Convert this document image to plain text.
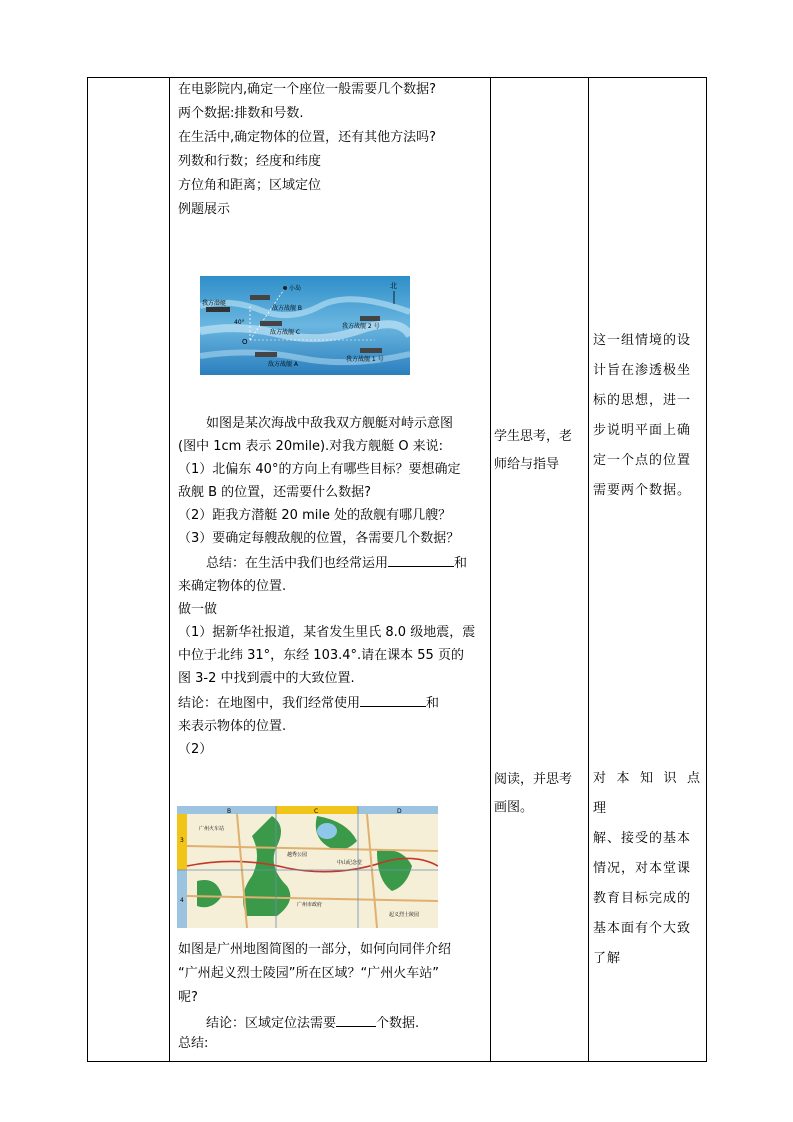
在电影院内,确定一个座位一般需要几个数据?
两个数据:排数和号数.
在生活中,确定物体的位置，还有其他方法吗?
列数和行数；经度和纬度
方位角和距离；区域定位
例题展示
北
小岛
我方潜艇
40°
O
敌方战舰 B
敌方战舰 C
敌方战舰 A
我方战舰 2 号
我方战舰 1 号
如图是某次海战中敌我双方舰艇对峙示意图
(图中 1cm 表示 20mile).对我方舰艇 O 来说:
（1）北偏东 40°的方向上有哪些目标？要想确定
敌舰 B 的位置，还需要什么数据?
（2）距我方潜艇 20 mile 处的敌舰有哪几艘？
（3）要确定每艘敌舰的位置，各需要几个数据？
总结：在生活中我们也经常运用	和
来确定物体的位置.
做一做
（1）据新华社报道，某省发生里氏 8.0 级地震，震
中位于北纬 31°，东经 103.4°.请在课本 55 页的
图 3-2 中找到震中的大致位置.
结论：在地图中，我们经常使用	和
来表示物体的位置.
（2）
B	C	D
3
4
广州火车站
起义烈士陵园
越秀公园
广州市政府
中山纪念堂
如图是广州地图简图的一部分，如何向同伴介绍
“广州起义烈士陵园”所在区域？“广州火车站”
呢?
结论：区域定位法需要	个数据.
总结:
学生思考，老
师给与指导
阅读，并思考
画图。
这一组情境的设
计旨在渗透极坐
标的思想，进一
步说明平面上确
定一个点的位置
需要两个数据。
对 本 知 识 点 理
解、接受的基本
情况，对本堂课
教育目标完成的
基本面有个大致
了解
